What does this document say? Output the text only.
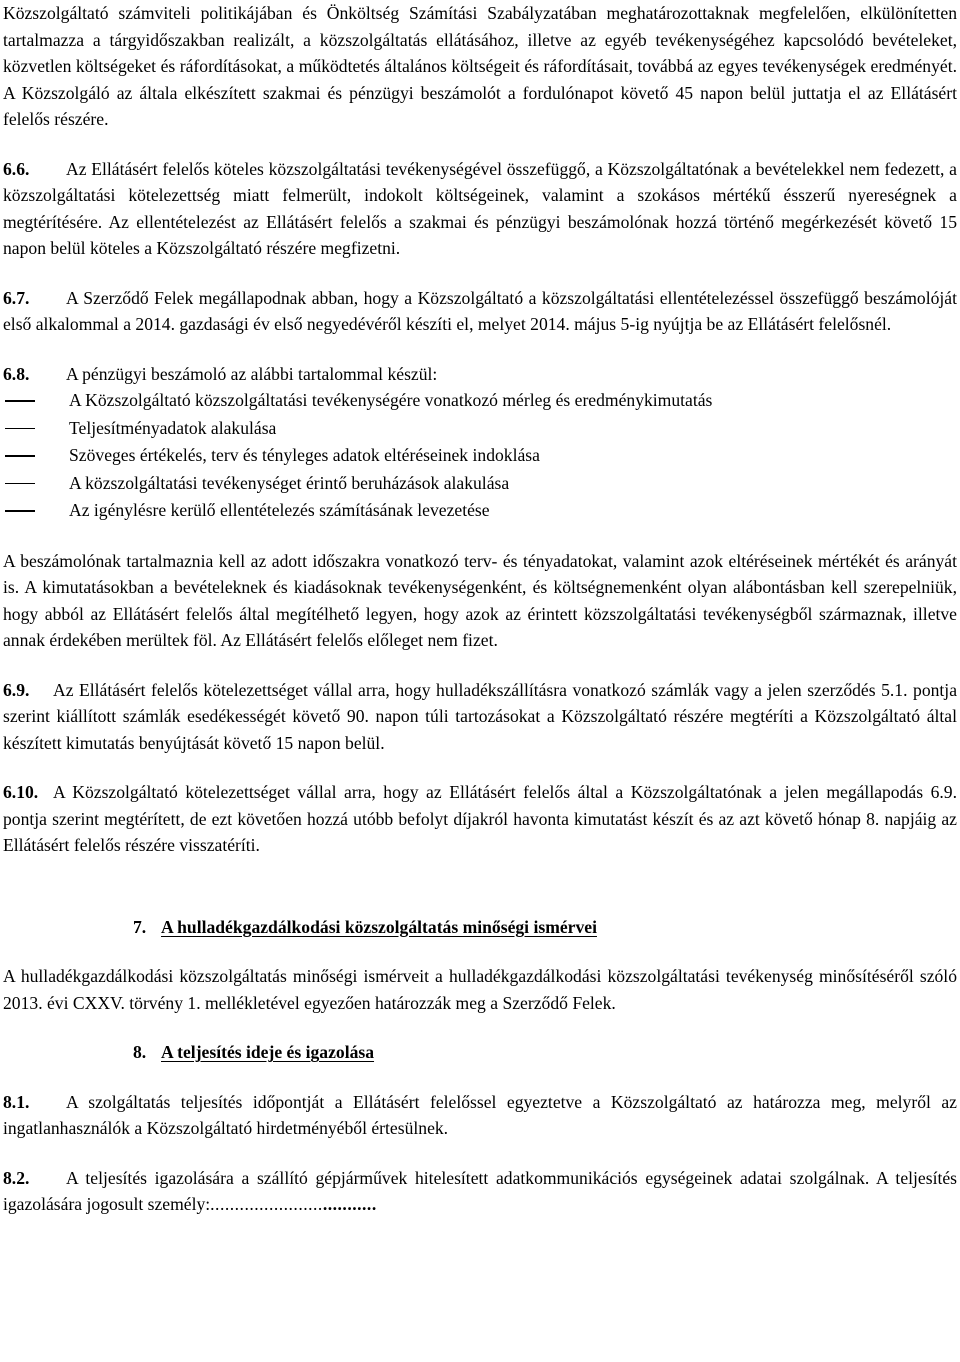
Közszolgáltató számviteli politikájában és Önköltség Számítási Szabályzatában meghatározottaknak megfelelően, elkülönítetten tartalmazza a tárgyidőszakban realizált, a közszolgáltatás ellátásához, illetve az egyéb tevékenységéhez kapcsolódó bevételeket, közvetlen költségeket és ráfordításokat, a működtetés általános költségeit és ráfordításait, továbbá az egyes tevékenységek eredményét. A Közszolgáló az általa elkészített szakmai és pénzügyi beszámolót a fordulónapot követő 45 napon belül juttatja el az Ellátásért felelős részére.

6.6. Az Ellátásért felelős köteles közszolgáltatási tevékenységével összefüggő, a Közszolgáltatónak a bevételekkel nem fedezett, a közszolgáltatási kötelezettség miatt felmerült, indokolt költségeinek, valamint a szokásos mértékű ésszerű nyereségnek a megtérítésére. Az ellentételezést az Ellátásért felelős a szakmai és pénzügyi beszámolónak hozzá történő megérkezését követő 15 napon belül köteles a Közszolgáltató részére megfizetni.

6.7. A Szerződő Felek megállapodnak abban, hogy a Közszolgáltató a közszolgáltatási ellentételezéssel összefüggő beszámolóját első alkalommal a 2014. gazdasági év első negyedévéről készíti el, melyet 2014. május 5-ig nyújtja be az Ellátásért felelősnél.

6.8. A pénzügyi beszámoló az alábbi tartalommal készül:

A Közszolgáltató közszolgáltatási tevékenységére vonatkozó mérleg és eredménykimutatás
Teljesítményadatok alakulása
Szöveges értékelés, terv és tényleges adatok eltéréseinek indoklása
A közszolgáltatási tevékenységet érintő beruházások alakulása
Az igénylésre kerülő ellentételezés számításának levezetése

A beszámolónak tartalmaznia kell az adott időszakra vonatkozó terv- és tényadatokat, valamint azok eltéréseinek mértékét és arányát is. A kimutatásokban a bevételeknek és kiadásoknak tevékenységenként, és költségnemenként olyan alábontásban kell szerepelniük, hogy abból az Ellátásért felelős által megítélhető legyen, hogy azok az érintett közszolgáltatási tevékenységből származnak, illetve annak érdekében merültek föl. Az Ellátásért felelős előleget nem fizet.

6.9. Az Ellátásért felelős kötelezettséget vállal arra, hogy hulladékszállításra vonatkozó számlák vagy a jelen szerződés 5.1. pontja szerint kiállított számlák esedékességét követő 90. napon túli tartozásokat a Közszolgáltató részére megtéríti a Közszolgáltató által készített kimutatás benyújtását követő 15 napon belül.

6.10. A Közszolgáltató kötelezettséget vállal arra, hogy az Ellátásért felelős által a Közszolgáltatónak a jelen megállapodás 6.9. pontja szerint megtérített, de ezt követően hozzá utóbb befolyt díjakról havonta kimutatást készít és az azt követő hónap 8. napjáig az Ellátásért felelős részére visszatéríti.

7. A hulladékgazdálkodási közszolgáltatás minőségi ismérvei

A hulladékgazdálkodási közszolgáltatás minőségi ismérveit a hulladékgazdálkodási közszolgáltatási tevékenység minősítéséről szóló 2013. évi CXXV. törvény 1. mellékletével egyezően határozzák meg a Szerződő Felek.

8. A teljesítés ideje és igazolása

8.1. A szolgáltatás teljesítés időpontját a Ellátásért felelőssel egyeztetve a Közszolgáltató az határozza meg, melyről az ingatlanhasználók a Közszolgáltató hirdetményéből értesülnek.

8.2. A teljesítés igazolására a szállító gépjárművek hitelesített adatkommunikációs egységeinek adatai szolgálnak. A teljesítés igazolására jogosult személy:..................................
